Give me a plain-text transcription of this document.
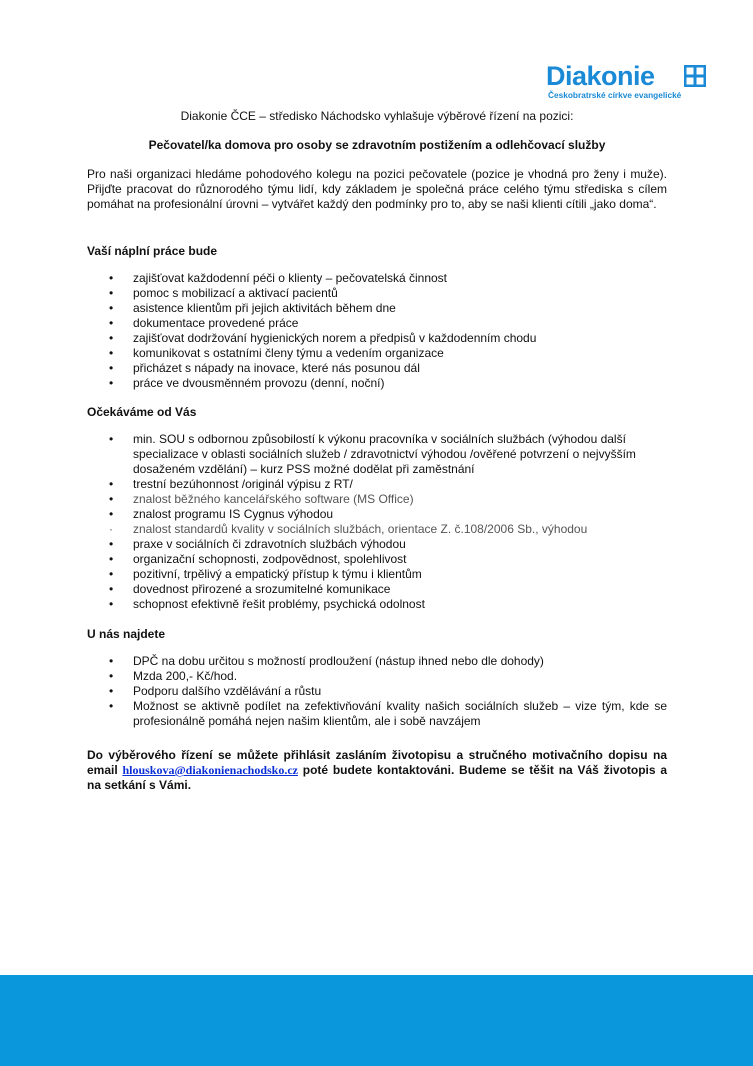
Diakonie
Českobratrské církve evangelické

Diakonie ČCE – středisko Náchodsko vyhlašuje výběrové řízení na pozici:

Pečovatel/ka domova pro osoby se zdravotním postižením a odlehčovací služby

Pro naši organizaci hledáme pohodového kolegu na pozici pečovatele (pozice je vhodná pro ženy i muže). Přijďte pracovat do různorodého týmu lidí, kdy základem je společná práce celého týmu střediska s cílem pomáhat na profesionální úrovni – vytvářet každý den podmínky pro to, aby se naši klienti cítili „jako doma“.

Vaší náplní práce bude
• zajišťovat každodenní péči o klienty – pečovatelská činnost
• pomoc s mobilizací a aktivací pacientů
• asistence klientům při jejich aktivitách během dne
• dokumentace provedené práce
• zajišťovat dodržování hygienických norem a předpisů v každodenním chodu
• komunikovat s ostatními členy týmu a vedením organizace
• přicházet s nápady na inovace, které nás posunou dál
• práce ve dvousměnném provozu (denní, noční)
Očekáváme od Vás
• min. SOU s odbornou způsobilostí k výkonu pracovníka v sociálních službách (výhodou další specializace v oblasti sociálních služeb / zdravotnictví výhodou /ověřené potvrzení o nejvyšším dosaženém vzdělání) – kurz PSS možné dodělat při zaměstnání
• trestní bezúhonnost /originál výpisu z RT/
• znalost běžného kancelářského software (MS Office)
• znalost programu IS Cygnus výhodou
· znalost standardů kvality v sociálních službách, orientace Z. č.108/2006 Sb., výhodou
• praxe v sociálních či zdravotních službách výhodou
• organizační schopnosti, zodpovědnost, spolehlivost
• pozitivní, trpělivý a empatický přístup k týmu i klientům
• dovednost přirozené a srozumitelné komunikace
• schopnost efektivně řešit problémy, psychická odolnost
U nás najdete
• DPČ na dobu určitou s možností prodloužení (nástup ihned nebo dle dohody)
• Mzda 200,- Kč/hod.
• Podporu dalšího vzdělávání a růstu
• Možnost se aktivně podílet na zefektivňování kvality našich sociálních služeb – vize tým, kde se profesionálně pomáhá nejen našim klientům, ale i sobě navzájem

Do výběrového řízení se můžete přihlásit zasláním životopisu a stručného motivačního dopisu na email hlouskova@diakonienachodsko.cz poté budete kontaktováni. Budeme se těšit na Váš životopis a na setkání s Vámi.
